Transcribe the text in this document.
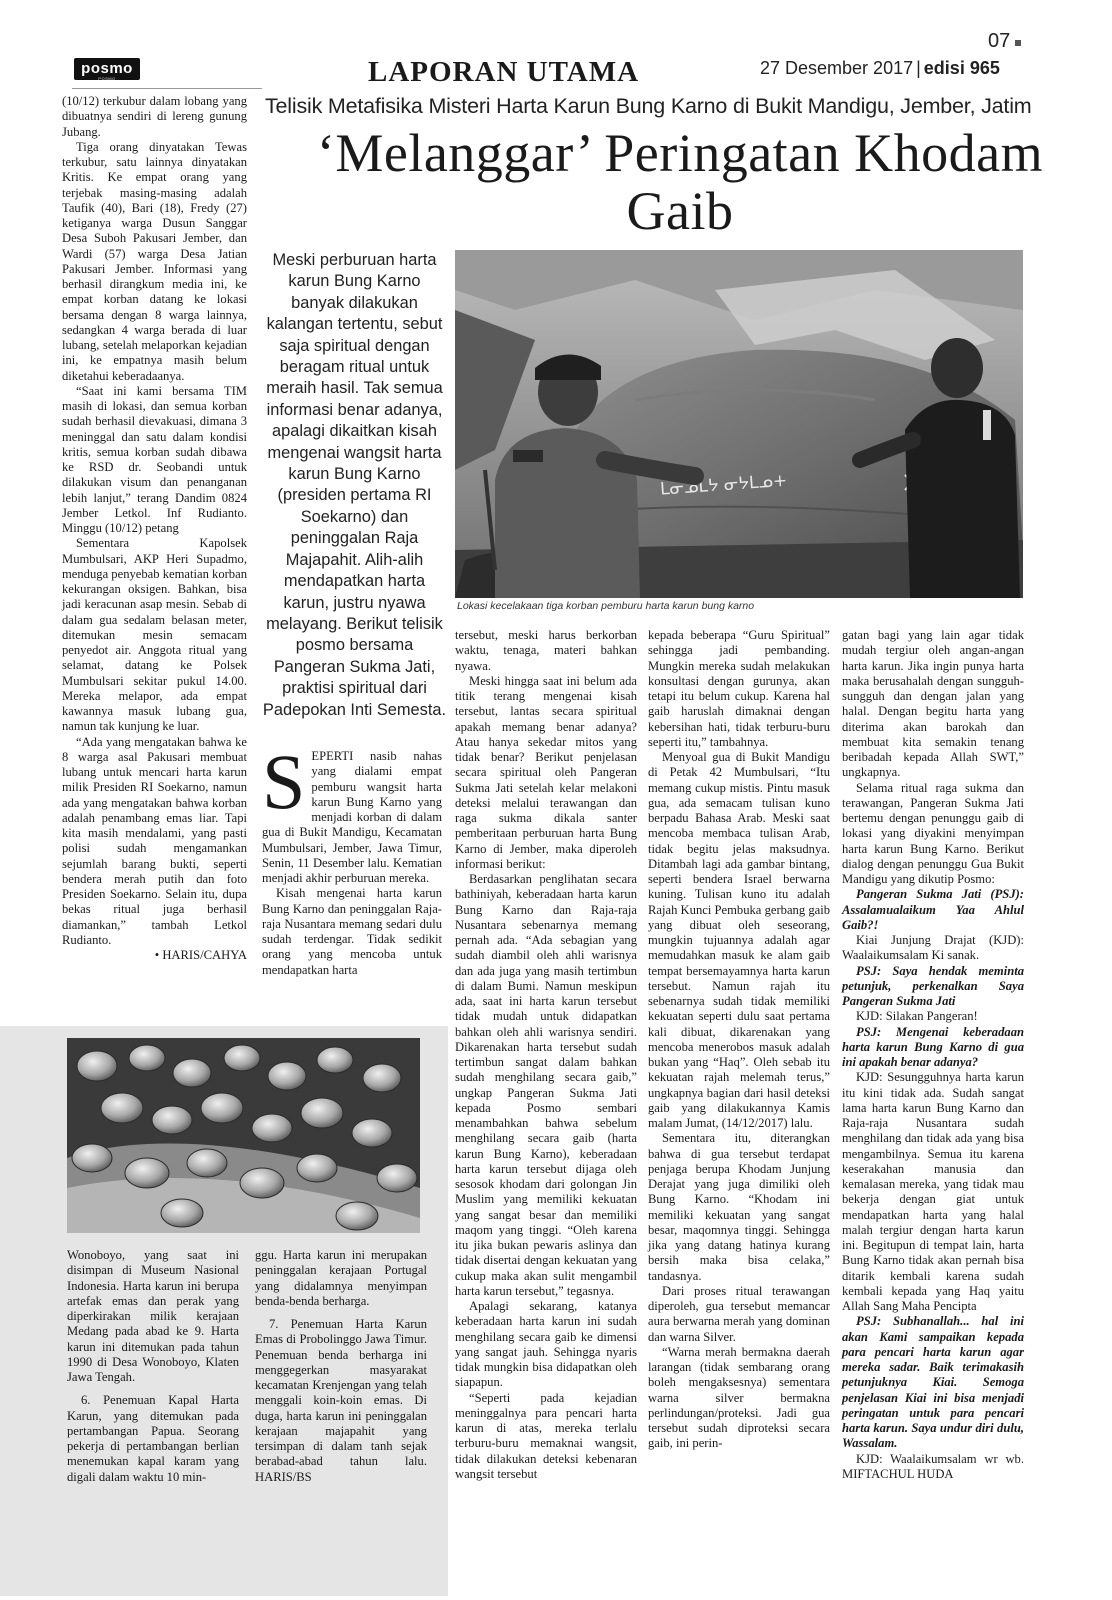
posmo
POSMO	LAPORAN UTAMA
07
27 Desember 2017 | edisi 965
Telisik Metafisika Misteri Harta Karun Bung Karno di Bukit Mandigu, Jember, Jatim
‘Melanggar’ Peringatan Khodam Gaib
Meski perburuan harta karun Bung Karno banyak dilakukan kalangan tertentu, sebut saja spiritual dengan beragam ritual untuk meraih hasil. Tak semua informasi benar adanya, apalagi dikaitkan kisah mengenai wangsit harta karun Bung Karno (presiden pertama RI Soekarno) dan peninggalan Raja Majapahit. Alih-alih mendapatkan harta karun, justru nyawa melayang. Berikut telisik posmo bersama Pangeran Sukma Jati, praktisi spiritual dari Padepokan Inti Semesta.
ᒪᓂᓄᒪᔭ ᓂᔭᒪᓄ+
Lokasi kecelakaan tiga korban pemburu harta karun bung karno

(10/12) terkubur dalam lobang yang dibuatnya sendiri di lereng gunung Jubang.

Tiga orang dinyatakan Tewas terkubur, satu lainnya dinyatakan Kritis. Ke empat orang yang terjebak masing-masing adalah Taufik (40), Bari (18), Fredy (27) ketiganya warga Dusun Sanggar Desa Suboh Pakusari Jember, dan Wardi (57) warga Desa Jatian Pakusari Jember. Informasi yang berhasil dirangkum media ini, ke empat korban datang ke lokasi bersama dengan 8 warga lainnya, sedangkan 4 warga berada di luar lubang, setelah melaporkan kejadian ini, ke empatnya masih belum diketahui keberadaanya.

“Saat ini kami bersama TIM masih di lokasi, dan semua korban sudah berhasil dievakuasi, dimana 3 meninggal dan satu dalam kondisi kritis, semua korban sudah dibawa ke RSD dr. Seobandi untuk dilakukan visum dan penanganan lebih lanjut,” terang Dandim 0824 Jember Letkol. Inf Rudianto. Minggu (10/12) petang

Sementara Kapolsek Mumbulsari, AKP Heri Supadmo, menduga penyebab kematian korban kekurangan oksigen. Bahkan, bisa jadi keracunan asap mesin. Sebab di dalam gua sedalam belasan meter, ditemukan mesin semacam penyedot air. Anggota ritual yang selamat, datang ke Polsek Mumbulsari sekitar pukul 14.00. Mereka melapor, ada empat kawannya masuk lubang gua, namun tak kunjung ke luar.

“Ada yang mengatakan bahwa ke 8 warga asal Pakusari membuat lubang untuk mencari harta karun milik Presiden RI Soekarno, namun ada yang mengatakan bahwa korban adalah penambang emas liar. Tapi kita masih mendalami, yang pasti polisi sudah mengamankan sejumlah barang bukti, seperti bendera merah putih dan foto Presiden Soekarno. Selain itu, dupa bekas ritual juga berhasil diamankan,” tambah Letkol Rudianto.

• HARIS/CAHYA

SEPERTI nasib nahas yang dialami empat pemburu wangsit harta karun Bung Karno yang menjadi korban di dalam gua di Bukit Mandigu, Kecamatan Mumbulsari, Jember, Jawa Timur, Senin, 11 Desember lalu. Kematian menjadi akhir perburuan mereka.

Kisah mengenai harta karun Bung Karno dan peninggalan Raja-raja Nusantara memang sedari dulu sudah terdengar. Tidak sedikit orang yang mencoba untuk mendapatkan harta

tersebut, meski harus berkorban waktu, tenaga, materi bahkan nyawa.

Meski hingga saat ini belum ada titik terang mengenai kisah tersebut, lantas secara spiritual apakah memang benar adanya? Atau hanya sekedar mitos yang tidak benar? Berikut penjelasan secara spiritual oleh Pangeran Sukma Jati setelah kelar melakoni deteksi melalui terawangan dan raga sukma dikala santer pemberitaan perburuan harta Bung Karno di Jember, maka diperoleh informasi berikut:

Berdasarkan penglihatan secara bathiniyah, keberadaan harta karun Bung Karno dan Raja-raja Nusantara sebenarnya memang pernah ada. “Ada sebagian yang sudah diambil oleh ahli warisnya dan ada juga yang masih tertimbun di dalam Bumi. Namun meskipun ada, saat ini harta karun tersebut tidak mudah untuk didapatkan bahkan oleh ahli warisnya sendiri. Dikarenakan harta tersebut sudah tertimbun sangat dalam bahkan sudah menghilang secara gaib,” ungkap Pangeran Sukma Jati kepada Posmo sembari menambahkan bahwa sebelum menghilang secara gaib (harta karun Bung Karno), keberadaan harta karun tersebut dijaga oleh sesosok khodam dari golongan Jin Muslim yang memiliki kekuatan yang sangat besar dan memiliki maqom yang tinggi. “Oleh karena itu jika bukan pewaris aslinya dan tidak disertai dengan kekuatan yang cukup maka akan sulit mengambil harta karun tersebut,” tegasnya.

Apalagi sekarang, katanya keberadaan harta karun ini sudah menghilang secara gaib ke dimensi yang sangat jauh. Sehingga nyaris tidak mungkin bisa didapatkan oleh siapapun.

“Seperti pada kejadian meninggalnya para pencari harta karun di atas, mereka terlalu terburu-buru memaknai wangsit, tidak dilakukan deteksi kebenaran wangsit tersebut

kepada beberapa “Guru Spiritual” sehingga jadi pembanding. Mungkin mereka sudah melakukan konsultasi dengan gurunya, akan tetapi itu belum cukup. Karena hal gaib haruslah dimaknai dengan kebersihan hati, tidak terburu-buru seperti itu,” tambahnya.

Menyoal gua di Bukit Mandigu di Petak 42 Mumbulsari, “Itu memang cukup mistis. Pintu masuk gua, ada semacam tulisan kuno berpadu Bahasa Arab. Meski saat mencoba membaca tulisan Arab, tidak begitu jelas maksudnya. Ditambah lagi ada gambar bintang, seperti bendera Israel berwarna kuning. Tulisan kuno itu adalah Rajah Kunci Pembuka gerbang gaib yang dibuat oleh seseorang, mungkin tujuannya adalah agar memudahkan masuk ke alam gaib tempat bersemayamnya harta karun tersebut. Namun rajah itu sebenarnya sudah tidak memiliki kekuatan seperti dulu saat pertama kali dibuat, dikarenakan yang mencoba menerobos masuk adalah bukan yang “Haq”. Oleh sebab itu kekuatan rajah melemah terus,” ungkapnya bagian dari hasil deteksi gaib yang dilakukannya Kamis malam Jumat, (14/12/2017) lalu.

Sementara itu, diterangkan bahwa di gua tersebut terdapat penjaga berupa Khodam Junjung Derajat yang juga dimiliki oleh Bung Karno. “Khodam ini memiliki kekuatan yang sangat besar, maqomnya tinggi. Sehingga jika yang datang hatinya kurang bersih maka bisa celaka,” tandasnya.

Dari proses ritual terawangan diperoleh, gua tersebut memancar aura berwarna merah yang dominan dan warna Silver.

“Warna merah bermakna daerah larangan (tidak sembarang orang boleh mengaksesnya) sementara warna silver bermakna perlindungan/proteksi. Jadi gua tersebut sudah diproteksi secara gaib, ini perin-

gatan bagi yang lain agar tidak mudah tergiur oleh angan-angan harta karun. Jika ingin punya harta maka berusahalah dengan sungguh-sungguh dan dengan jalan yang halal. Dengan begitu harta yang diterima akan barokah dan membuat kita semakin tenang beribadah kepada Allah SWT,” ungkapnya.

Selama ritual raga sukma dan terawangan, Pangeran Sukma Jati bertemu dengan penunggu gaib di lokasi yang diyakini menyimpan harta karun Bung Karno. Berikut dialog dengan penunggu Gua Bukit Mandigu yang dikutip Posmo:

Pangeran Sukma Jati (PSJ): Assalamualaikum Yaa Ahlul Gaib?!

Kiai Junjung Drajat (KJD): Waalaikumsalam Ki sanak.

PSJ: Saya hendak meminta petunjuk, perkenalkan Saya Pangeran Sukma Jati

KJD: Silakan Pangeran!

PSJ: Mengenai keberadaan harta karun Bung Karno di gua ini apakah benar adanya?

KJD: Sesungguhnya harta karun itu kini tidak ada. Sudah sangat lama harta karun Bung Karno dan Raja-raja Nusantara sudah menghilang dan tidak ada yang bisa mengambilnya. Semua itu karena keserakahan manusia dan kemalasan mereka, yang tidak mau bekerja dengan giat untuk mendapatkan harta yang halal malah tergiur dengan harta karun ini. Begitupun di tempat lain, harta Bung Karno tidak akan pernah bisa ditarik kembali karena sudah kembali kepada yang Haq yaitu Allah Sang Maha Pencipta

PSJ: Subhanallah... hal ini akan Kami sampaikan kepada para pencari harta karun agar mereka sadar. Baik terimakasih petunjuknya Kiai. Semoga penjelasan Kiai ini bisa menjadi peringatan untuk para pencari harta karun. Saya undur diri dulu, Wassalam.

KJD: Waalaikumsalam wr wb. MIFTACHUL HUDA

Wonoboyo, yang saat ini disimpan di Museum Nasional Indonesia. Harta karun ini berupa artefak emas dan perak yang diperkirakan milik kerajaan Medang pada abad ke 9. Harta karun ini ditemukan pada tahun 1990 di Desa Wonoboyo, Klaten Jawa Tengah.

6. Penemuan Kapal Harta Karun, yang ditemukan pada pertambangan Papua. Seorang pekerja di pertambangan berlian menemukan kapal karam yang digali dalam waktu 10 min-

ggu. Harta karun ini merupakan peninggalan kerajaan Portugal yang didalamnya menyimpan benda-benda berharga.

7. Penemuan Harta Karun Emas di Probolinggo Jawa Timur. Penemuan benda berharga ini menggegerkan masyarakat kecamatan Krenjengan yang telah menggali koin-koin emas. Di duga, harta karun ini peninggalan kerajaan majapahit yang tersimpan di dalam tanh sejak berabad-abad tahun lalu. HARIS/BS
